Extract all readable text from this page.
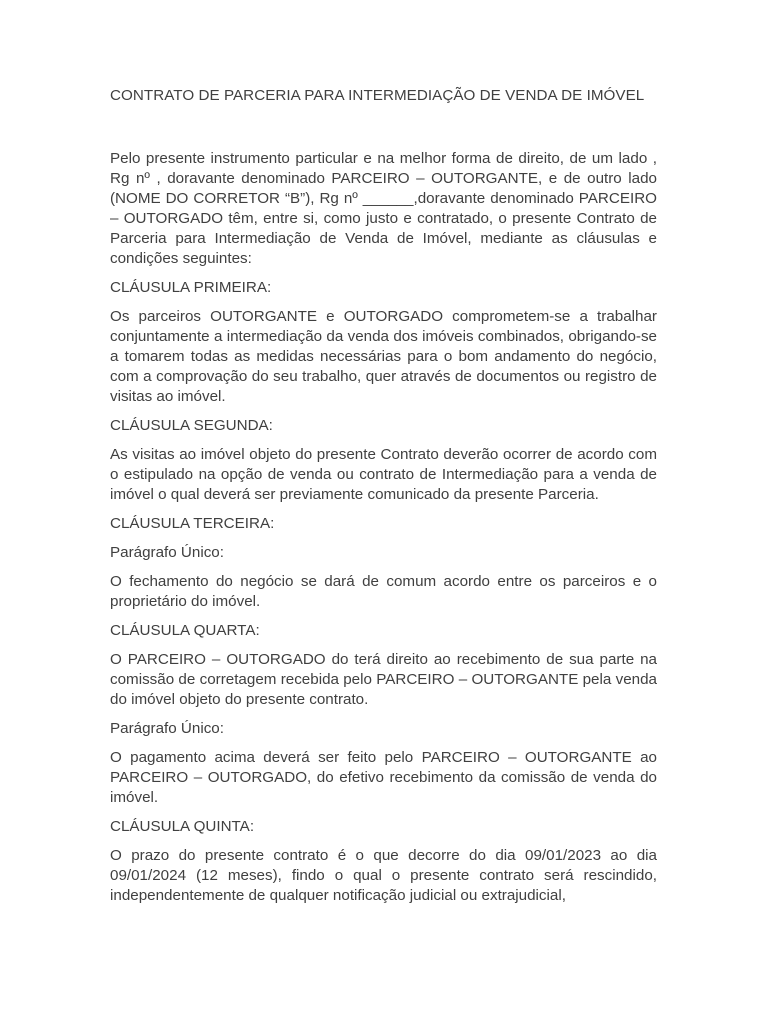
CONTRATO DE PARCERIA PARA INTERMEDIAÇÃO DE VENDA DE IMÓVEL

Pelo presente instrumento particular e na melhor forma de direito, de um lado , Rg nº , doravante denominado PARCEIRO – OUTORGANTE, e de outro lado (NOME DO CORRETOR “B”), Rg nº ______,doravante denominado PARCEIRO – OUTORGADO têm, entre si, como justo e contratado, o presente Contrato de Parceria para Intermediação de Venda de Imóvel, mediante as cláusulas e condições seguintes:

CLÁUSULA PRIMEIRA:

Os parceiros OUTORGANTE e OUTORGADO comprometem-se a trabalhar conjuntamente a intermediação da venda dos imóveis combinados, obrigando-se a tomarem todas as medidas necessárias para o bom andamento do negócio, com a comprovação do seu trabalho, quer através de documentos ou registro de visitas ao imóvel.

CLÁUSULA SEGUNDA:

As visitas ao imóvel objeto do presente Contrato deverão ocorrer de acordo com o estipulado na opção de venda ou contrato de Intermediação para a venda de imóvel o qual deverá ser previamente comunicado da presente Parceria.

CLÁUSULA TERCEIRA:

Parágrafo Único:

O fechamento do negócio se dará de comum acordo entre os parceiros e o proprietário do imóvel.

CLÁUSULA QUARTA:

O PARCEIRO – OUTORGADO do terá direito ao recebimento de sua parte na comissão de corretagem recebida pelo PARCEIRO – OUTORGANTE pela venda do imóvel objeto do presente contrato.

Parágrafo Único:

O pagamento acima deverá ser feito pelo PARCEIRO – OUTORGANTE ao PARCEIRO – OUTORGADO, do efetivo recebimento da comissão de venda do imóvel.

CLÁUSULA QUINTA:

O prazo do presente contrato é o que decorre do dia 09/01/2023 ao dia 09/01/2024 (12 meses), findo o qual o presente contrato será rescindido, independentemente de qualquer notificação judicial ou extrajudicial,
